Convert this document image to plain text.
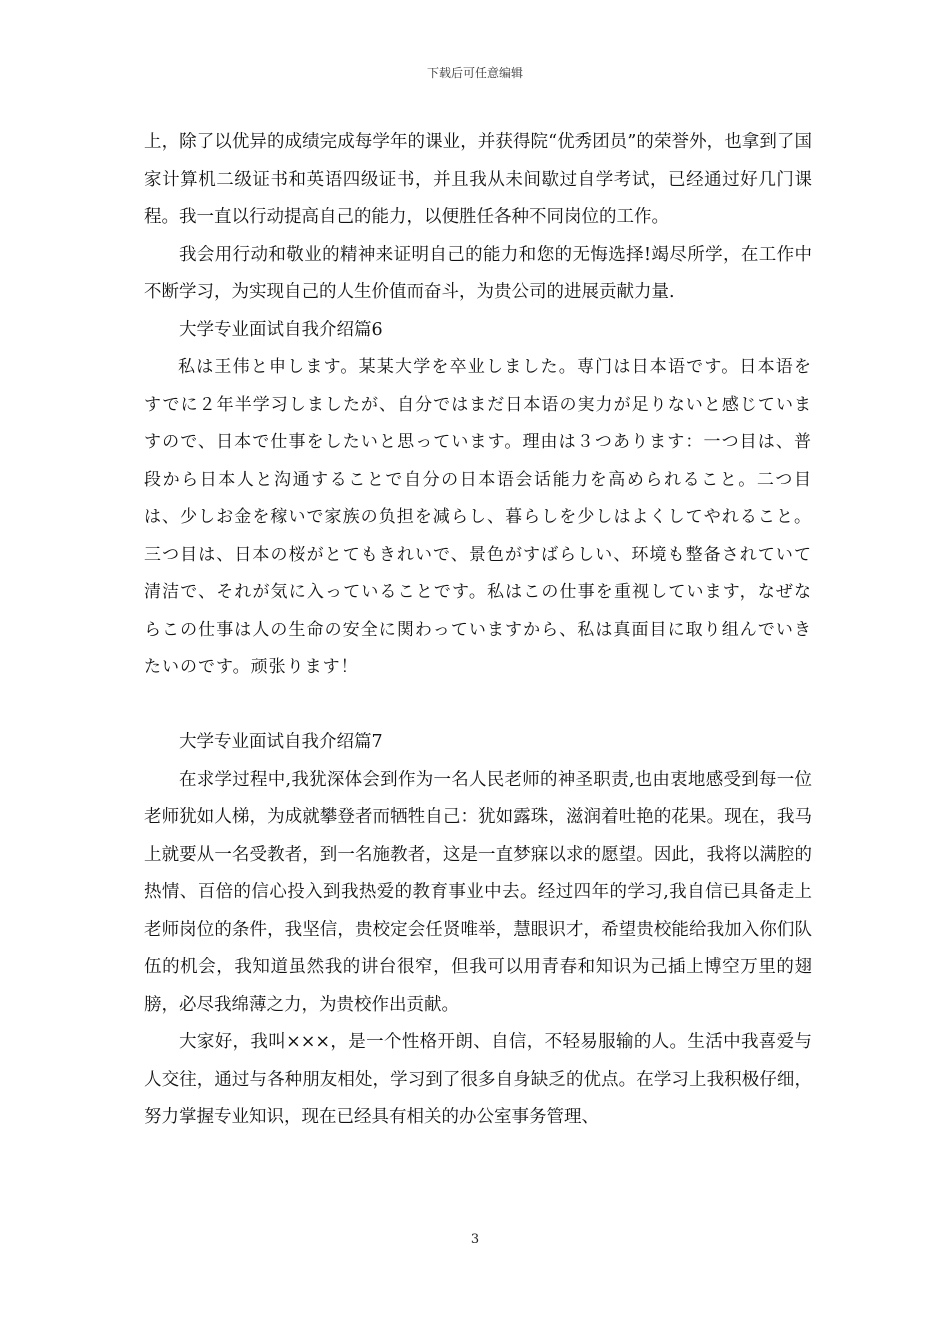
下载后可任意编辑

上，除了以优异的成绩完成每学年的课业，并获得院“优秀团员”的荣誉外，也拿到了国家计算机二级证书和英语四级证书，并且我从未间歇过自学考试，已经通过好几门课程。我一直以行动提高自己的能力，以便胜任各种不同岗位的工作。

我会用行动和敬业的精神来证明自己的能力和您的无悔选择!竭尽所学，在工作中不断学习，为实现自己的人生价值而奋斗，为贵公司的进展贡献力量.

大学专业面试自我介绍篇6

私は王伟と申します。某某大学を卒业しました。専门は日本语です。日本语をすでに２年半学习しましたが、自分ではまだ日本语の実力が足りないと感じていますので、日本で仕事をしたいと思っています。理由は３つあります：一つ目は、普段から日本人と沟通することで自分の日本语会话能力を高められること。二つ目は、少しお金を稼いで家族の负担を减らし、暮らしを少しはよくしてやれること。三つ目は、日本の桜がとてもきれいで、景色がすばらしい、环境も整备されていて清洁で、それが気に入っていることです。私はこの仕事を重视しています，なぜならこの仕事は人の生命の安全に関わっていますから、私は真面目に取り组んでいきたいのです。顽张ります！

大学专业面试自我介绍篇7

在求学过程中,我犹深体会到作为一名人民老师的神圣职责,也由衷地感受到每一位老师犹如人梯，为成就攀登者而牺牲自己：犹如露珠，滋润着吐艳的花果。现在，我马上就要从一名受教者，到一名施教者，这是一直梦寐以求的愿望。因此，我将以满腔的热情、百倍的信心投入到我热爱的教育事业中去。经过四年的学习,我自信已具备走上老师岗位的条件，我坚信，贵校定会任贤唯举，慧眼识才，希望贵校能给我加入你们队伍的机会，我知道虽然我的讲台很窄，但我可以用青春和知识为己插上博空万里的翅膀，必尽我绵薄之力，为贵校作出贡献。

大家好，我叫×××，是一个性格开朗、自信，不轻易服输的人。生活中我喜爱与人交往，通过与各种朋友相处，学习到了很多自身缺乏的优点。在学习上我积极仔细，努力掌握专业知识，现在已经具有相关的办公室事务管理、

3
